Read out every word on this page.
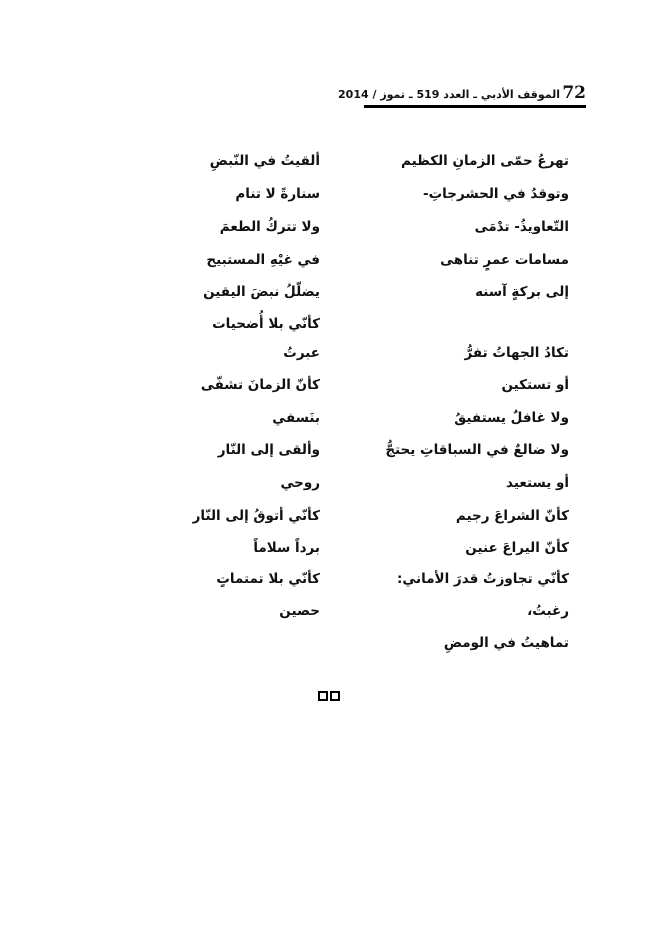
72
الموقف الأدبي ـ العدد 519 ـ تموز / 2014
تهرعُ حمّى الزمانِ الكظيم
وتوقدُ في الحشرجاتِ-
التّعاويذُ- تدْمَى
مسامات عمرٍ تناهى
إلى بركةٍ آسنه
تكادُ الجهاتُ تفرُّ
أو تستكين
ولا غافلٌ يستفيقُ
ولا ضالعٌ في السباقاتِ يحتجُّ
أو يستعيد
كأنّ الشراعَ رجيم
كأنّ اليراعَ عنين
كأنّي تجاوزتُ قدرَ الأماني:
رغبتُ،
تماهيتُ في الومضِ
ألقيتُ في النّبضِ
سنارةً لا تنام
ولا تتركُ الطعمَ
في غيْهِ المستبيح
يضلّلُ نبضَ اليقين
كأنّي بلا أُضحيات
عبرتُ
كأنّ الزمانَ تشفّى
بنَسفي
وألقى إلى النّار
روحي
كأنّي أتوقُ إلى النّار
برداً سلاماً
كأنّي بلا تمتماتٍ
حصين
